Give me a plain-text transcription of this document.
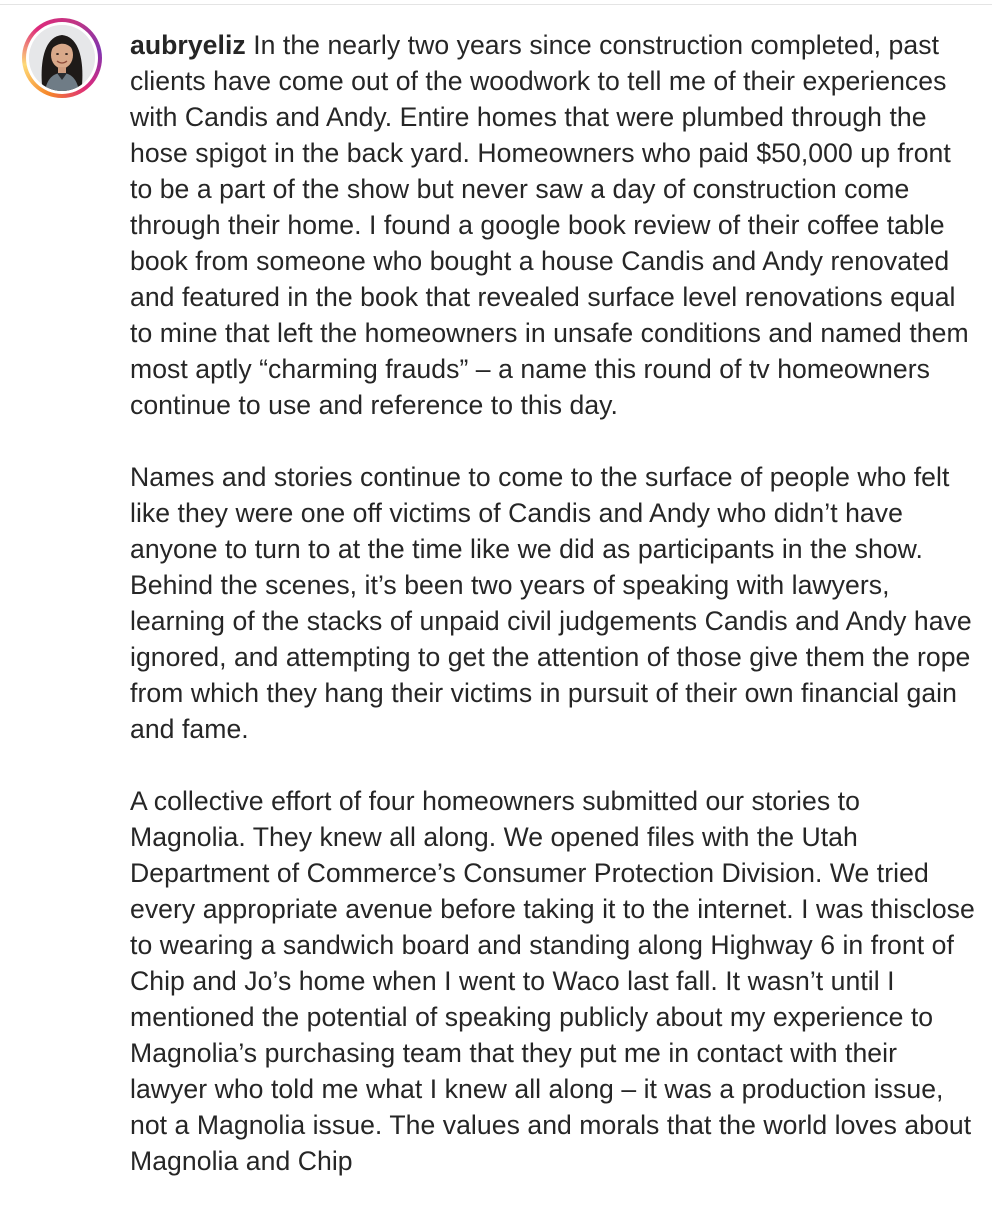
aubryeliz In the nearly two years since construction completed, past clients have come out of the woodwork to tell me of their experiences with Candis and Andy. Entire homes that were plumbed through the hose spigot in the back yard. Homeowners who paid $50,000 up front to be a part of the show but never saw a day of construction come through their home. I found a google book review of their coffee table book from someone who bought a house Candis and Andy renovated and featured in the book that revealed surface level renovations equal to mine that left the homeowners in unsafe conditions and named them most aptly “charming frauds” – a name this round of tv homeowners continue to use and reference to this day.

Names and stories continue to come to the surface of people who felt like they were one off victims of Candis and Andy who didn’t have anyone to turn to at the time like we did as participants in the show. Behind the scenes, it’s been two years of speaking with lawyers, learning of the stacks of unpaid civil judgements Candis and Andy have ignored, and attempting to get the attention of those give them the rope from which they hang their victims in pursuit of their own financial gain and fame.

A collective effort of four homeowners submitted our stories to Magnolia. They knew all along. We opened files with the Utah Department of Commerce’s Consumer Protection Division. We tried every appropriate avenue before taking it to the internet. I was thisclose to wearing a sandwich board and standing along Highway 6 in front of Chip and Jo’s home when I went to Waco last fall. It wasn’t until I mentioned the potential of speaking publicly about my experience to Magnolia’s purchasing team that they put me in contact with their lawyer who told me what I knew all along – it was a production issue, not a Magnolia issue. The values and morals that the world loves about Magnolia and Chip
